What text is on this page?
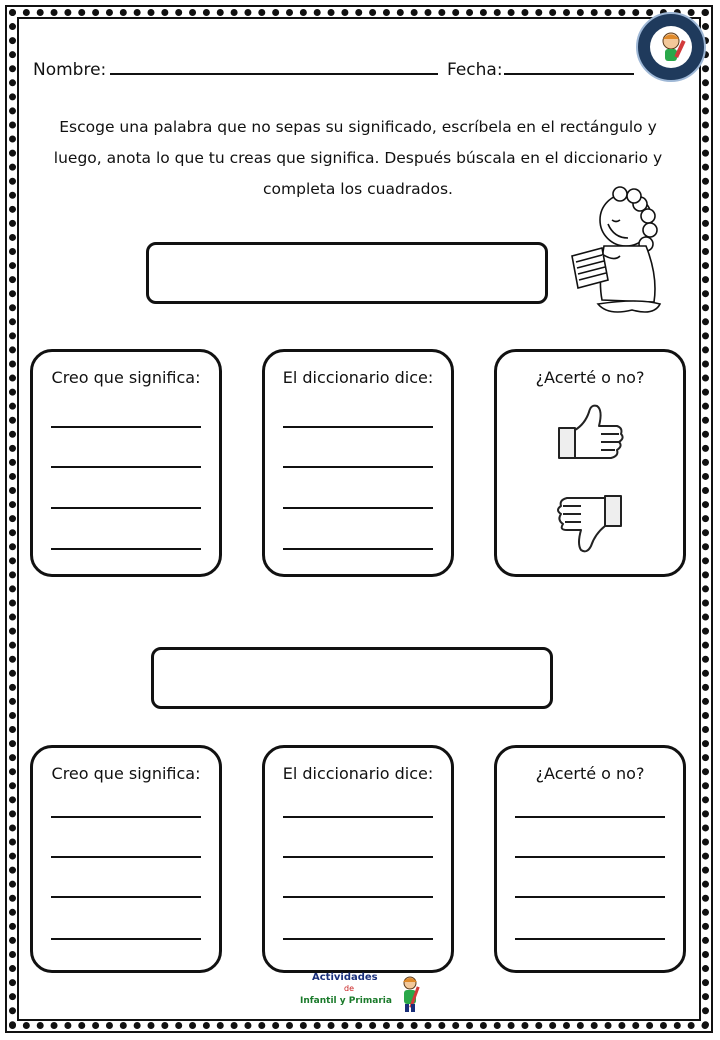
Nombre:	Fecha:
Escoge una palabra que no sepas su significado, escríbela en el rectángulo y
luego, anota lo que tu creas que significa. Después búscala en el diccionario y
completa los cuadrados.
Creo que significa:	El diccionario dice:	¿Acerté o no?
Creo que significa:	El diccionario dice:	¿Acerté o no?
Actividades
de
Infantil y Primaria
